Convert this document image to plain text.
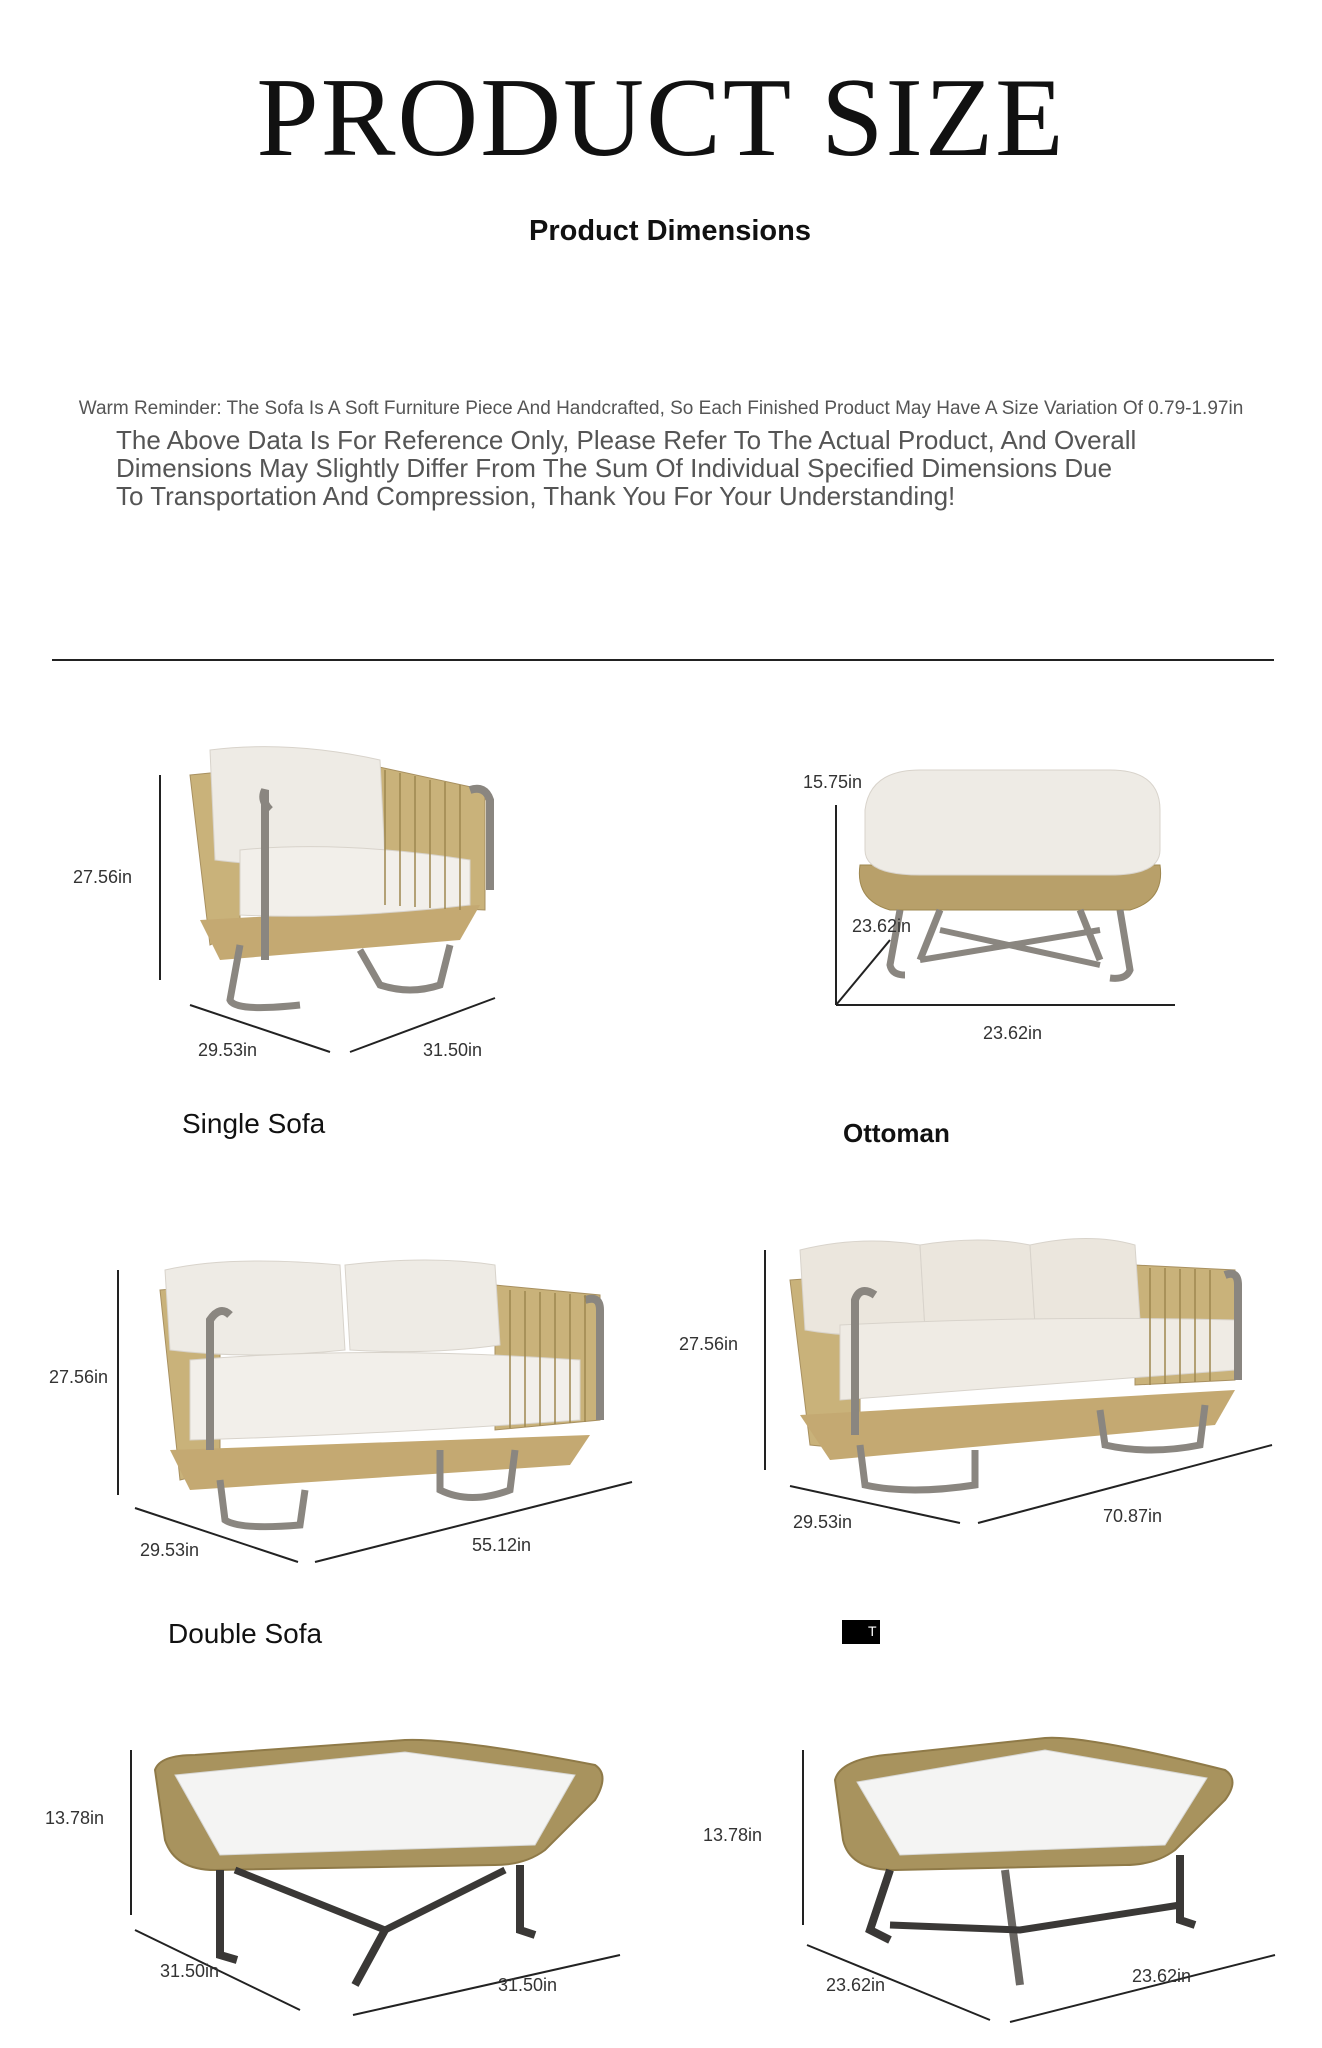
PRODUCT SIZE
Product Dimensions
Warm Reminder: The Sofa Is A Soft Furniture Piece And Handcrafted, So Each Finished Product May Have A Size Variation Of 0.79-1.97in
The Above Data Is For Reference Only, Please Refer To The Actual Product, And Overall
Dimensions May Slightly Differ From The Sum Of Individual Specified Dimensions Due
To Transportation And Compression, Thank You For Your Understanding!
27.56in
29.53in	31.50in
Single Sofa
15.75in
23.62in
23.62in
Ottoman
27.56in
29.53in	55.12in
Double Sofa
27.56in
29.53in	70.87in
T
13.78in
31.50in
31.50in
13.78in
23.62in	23.62in
